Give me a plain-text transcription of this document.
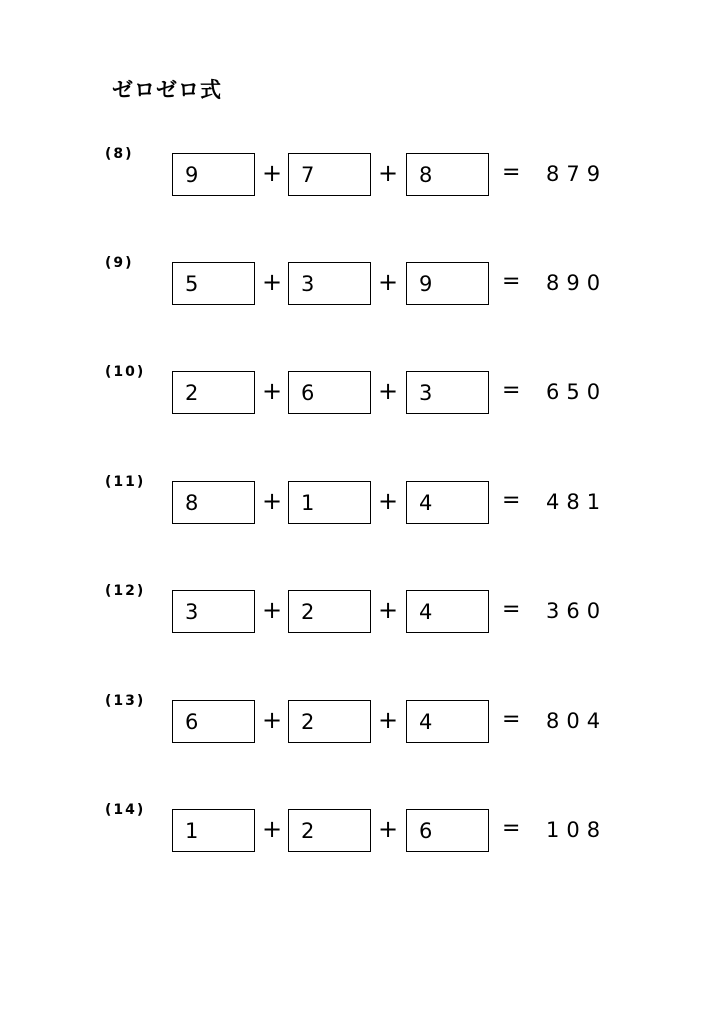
ゼロゼロ式
(8)
9	+ 7	+ 8	= 879
(9)
5	+ 3	+ 9	= 890
(10)
2	+ 6	+ 3	= 650
(11)
8	+ 1	+ 4	= 481
(12)
3	+ 2	+ 4	= 360
(13)
6	+ 2	+ 4	= 804
(14)
1	+ 2	+ 6	= 108
